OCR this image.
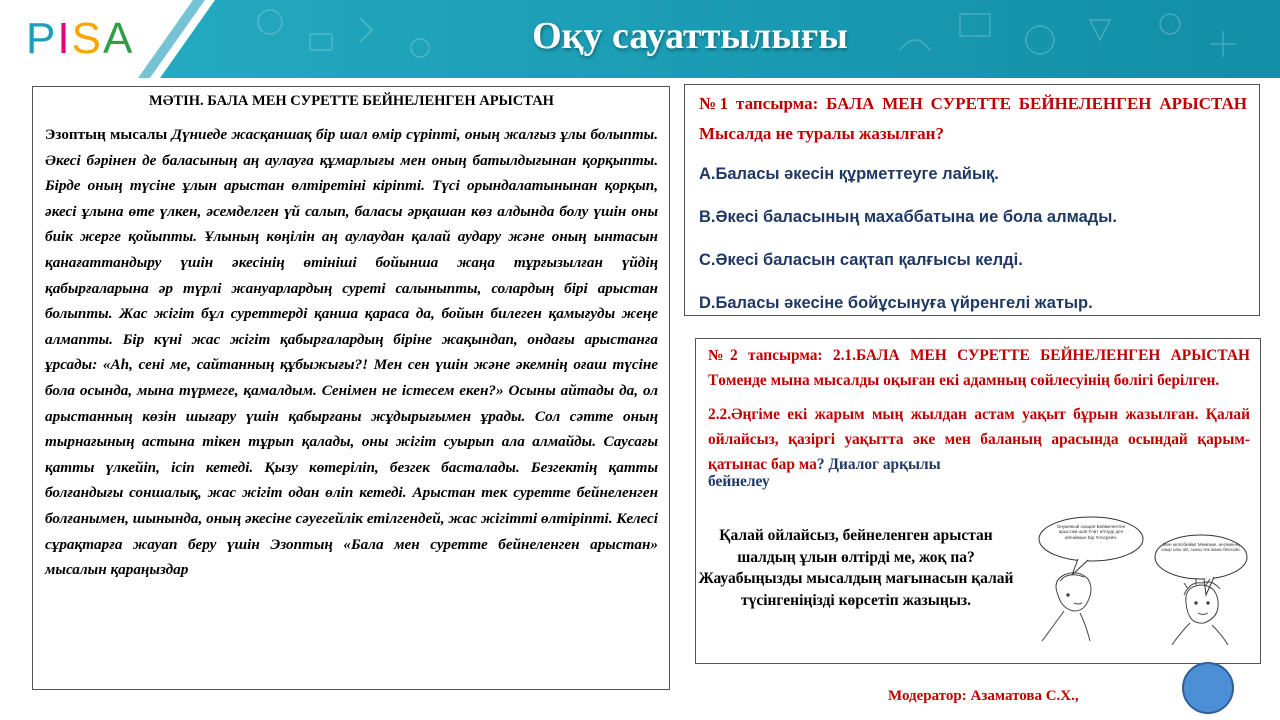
PISA	Оқу сауаттылығы
МӘТІН. БАЛА МЕН СУРЕТТЕ БЕЙНЕЛЕНГЕН АРЫСТАН

Эзоптың мысалы Дүниеде жасқаншақ бір шал өмір сүріпті, оның жалғыз ұлы болыпты. Әкесі бәрінен де баласының аң аулауға құмарлығы мен оның батылдығынан қорқыпты. Бірде оның түсіне ұлын арыстан өлтіретіні кіріпті. Түсі орындалатынынан қорқып, әкесі ұлына өте үлкен, әсемделген үй салып, баласы әрқашан көз алдында болу үшін оны биік жерге қойыпты. Ұлының көңілін аң аулаудан қалай аудару және оның ынтасын қанағаттандыру үшін әкесінің өтініші бойынша жаңа тұрғызылған үйдің қабырғаларына әр түрлі жануарлардың суреті салыныпты, солардың бірі арыстан болыпты. Жас жігіт бұл суреттерді қанша қараса да, бойын билеген қамығуды жеңе алмапты. Бір күні жас жігіт қабырғалардың біріне жақындап, ондағы арыстанға ұрсады: «Ah, сені ме, сайтанның құбыжығы?! Мен сен үшін және әкемнің оғаш түсіне бола осында, мына түрмеге, қамалдым. Сенімен не істесем екен?» Осыны айтады да, ол арыстанның көзін шығару үшін қабырғаны жұдырығымен ұрады. Сол сәтте оның тырнағының астына тікен тұрып қалады, оны жігіт суырып ала алмайды. Саусағы қатты үлкейіп, ісіп кетеді. Қызу көтеріліп, безгек басталады. Безгектің қатты болғандығы соншалық, жас жігіт одан өліп кетеді. Арыстан тек суретте бейнеленген болғанымен, шынында, оның әкесіне сәуегейлік етілгендей, жас жігітті өлтіріпті. Келесі сұрақтарға жауап беру үшін Эзоптың «Бала мен суретте бейнеленген арыстан» мысалын қараңыздар

№1 тапсырма: БАЛА МЕН СУРЕТТЕ БЕЙНЕЛЕНГЕН АРЫСТАН Мысалда не туралы жазылған?

А.Баласы әкесін құрметтеуге лайық.

В.Әкесі баласының махаббатына ие бола алмады.

С.Әкесі баласын сақтап қалғысы келді.

D.Баласы әкесіне бойұсынуға үйренгелі жатыр.

№2 тапсырма: 2.1.БАЛА МЕН СУРЕТТЕ БЕЙНЕЛЕНГЕН АРЫСТАН Төменде мына мысалды оқыған екі адамның сөйлесуінің бөлігі берілген.

2.2.Әңгіме екі жарым мың жылдан астам уақыт бұрын жазылған. Қалай ойлайсыз, қазіргі уақытта әке мен баланың арасында осындай қарым-қатынас бар ма? Диалог арқылы

бейнелеу

Қалай ойлайсыз, бейнеленген арыстан шалдың ұлын өлтірді ме, жоқ па? Жауабыңызды мысалдың мағынасын қалай түсінгеніңізді көрсетіп жазыңыз.
Онyмяный озация Беймелентен арыстам шая Ұлит өлтірді деп ойлаймын Бір Ұлсерейн.
Мен келсібейім! Мемізме, негімеінің озыр олы ой, сыны тек жана белсізві.
Модератор: Азаматова С.Х.,
